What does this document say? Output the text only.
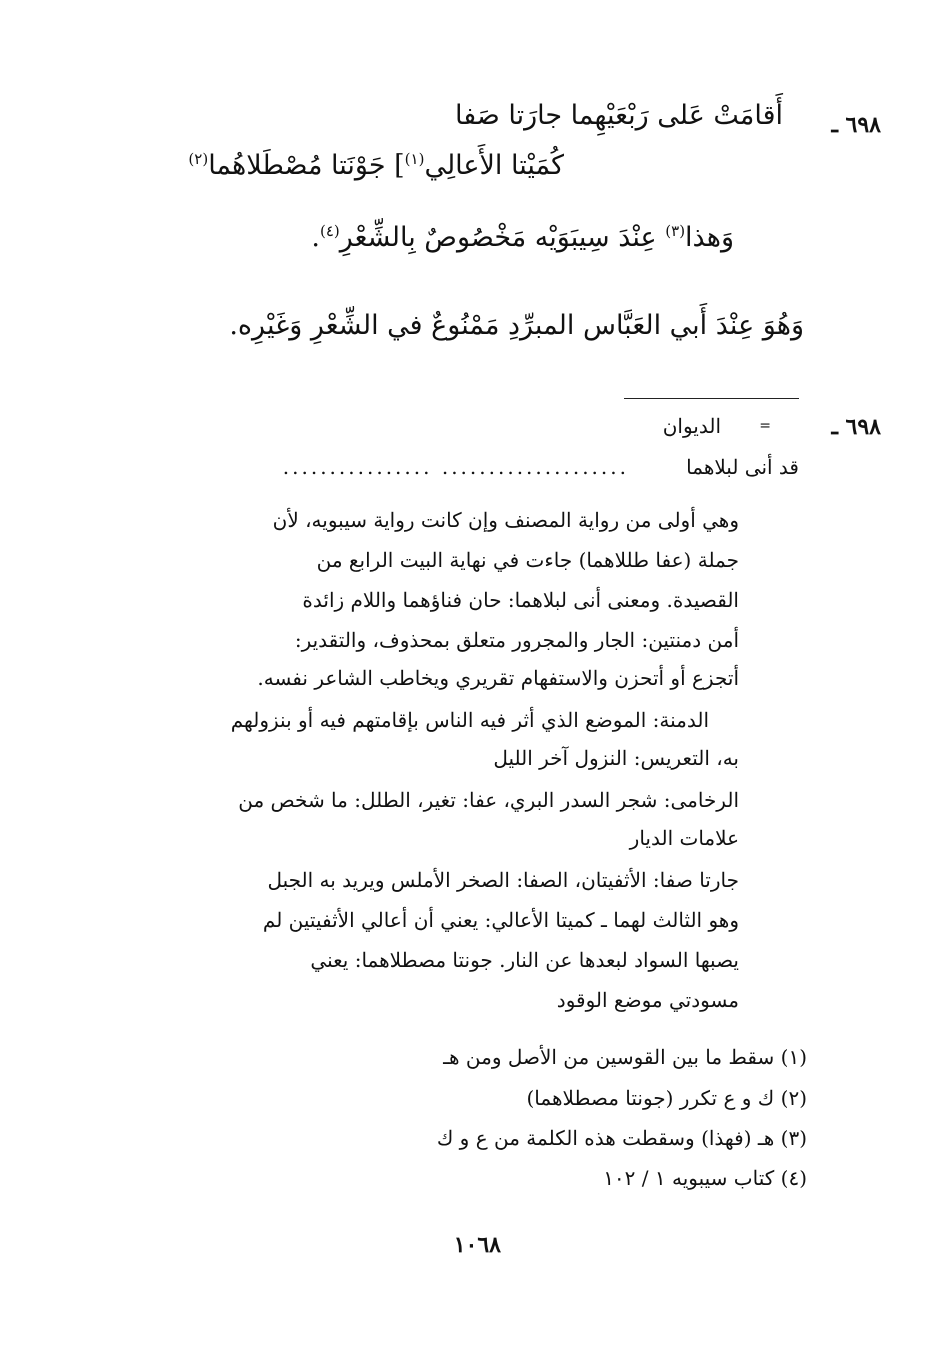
٦٩٨ ـ
أَقامَتْ عَلى رَبْعَيْهِما جارَتا صَفا
كُمَيْتا الأَعالِي$^{(١)}$] جَوْنَتا مُصْطَلاهُما$^{(٢)}$
وَهذا$^{(٣)}$ عِنْدَ سِيبَوَيْه مَخْصُوصٌ بِالشِّعْرِ$^{(٤)}$.
وَهُوَ عِنْدَ أَبي العَبَّاس المبرِّدِ مَمْنُوعٌ في الشِّعْرِ وَغَيْرِه.
٦٩٨ ـ
=
الديوان
قد أنى لبلاهما
.................... ................
وهي أولى من رواية المصنف وإن كانت رواية سيبويه، لأن
جملة (عفا طللاهما) جاءت في نهاية البيت الرابع من
القصيدة. ومعنى أنى لبلاهما: حان فناؤهما واللام زائدة
أمن دمنتين: الجار والمجرور متعلق بمحذوف، والتقدير:
أتجزع أو أتحزن والاستفهام تقريري ويخاطب الشاعر نفسه.
الدمنة: الموضع الذي أثر فيه الناس بإقامتهم فيه أو بنزولهم
به، التعريس: النزول آخر الليل
الرخامى: شجر السدر البري، عفا: تغير، الطلل: ما شخص من
علامات الديار
جارتا صفا: الأثفيتان، الصفا: الصخر الأملس ويريد به الجبل
وهو الثالث لهما ـ كميتا الأعالي: يعني أن أعالي الأثفيتين لم
يصبها السواد لبعدها عن النار. جونتا مصطلاهما: يعني
مسودتي موضع الوقود
(١) سقط ما بين القوسين من الأصل ومن هـ
(٢) ك و ع تكرر (جونتا مصطلاهما)
(٣) هـ (فهذا) وسقطت هذه الكلمة من ع و ك
(٤) كتاب سيبويه ١ / ١٠٢
١٠٦٨
